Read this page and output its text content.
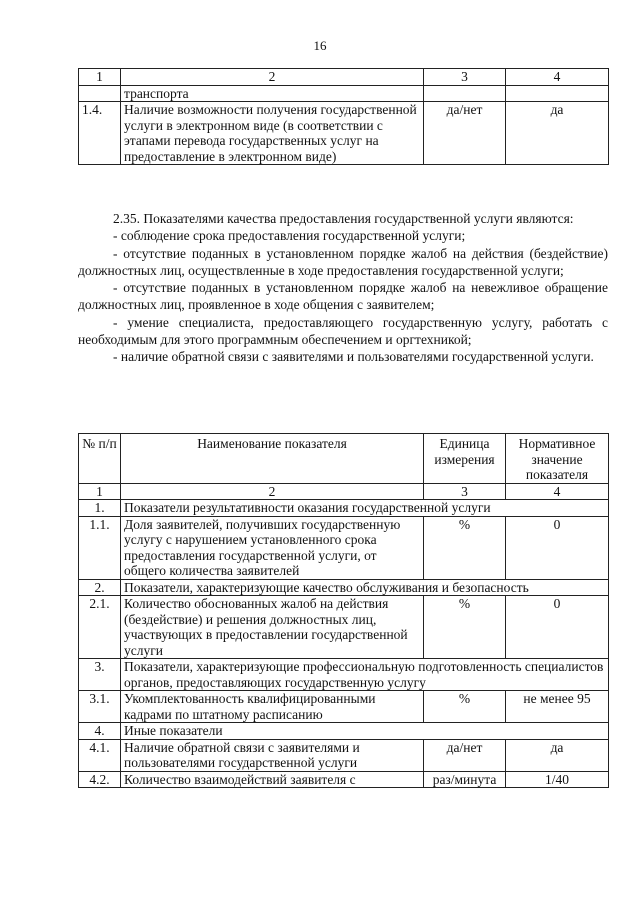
16
1	2	3	4
	транспорта		
1.4.	Наличие возможности получения государственной услуги в электронном виде (в соответствии с этапами перевода государственных услуг на предоставление в электронном виде)	да/нет	да

2.35. Показателями качества предоставления государственной услуги являются:

- соблюдение срока предоставления государственной услуги;

- отсутствие поданных в установленном порядке жалоб на действия (бездействие) должностных лиц, осуществленные в ходе предоставления государственной услуги;

- отсутствие поданных в установленном порядке жалоб на невежливое обращение должностных лиц, проявленное в ходе общения с заявителем;

- умение специалиста, предоставляющего государственную услугу, работать с необходимым для этого программным обеспечением и оргтехникой;

- наличие обратной связи с заявителями и пользователями государственной услуги.

№ п/п	Наименование показателя	Единица измерения	Нормативное значение показателя
1	2	3	4
1.	Показатели результативности оказания государственной услуги		
1.1.	Доля заявителей, получивших государственную услугу с нарушением установленного срока предоставления государственной услуги, от общего количества заявителей	%	0
2.	Показатели, характеризующие качество обслуживания и безопасность		
2.1.	Количество обоснованных жалоб на действия (бездействие) и решения должностных лиц, участвующих в предоставлении государственной услуги	%	0
3.	Показатели, характеризующие профессиональную подготовленность специалистов органов, предоставляющих государственную услугу		
3.1.	Укомплектованность квалифицированными кадрами по штатному расписанию	%	не менее 95
4.	Иные показатели		
4.1.	Наличие обратной связи с заявителями и пользователями государственной услуги	да/нет	да
4.2.	Количество взаимодействий заявителя с	раз/минута	1/40
